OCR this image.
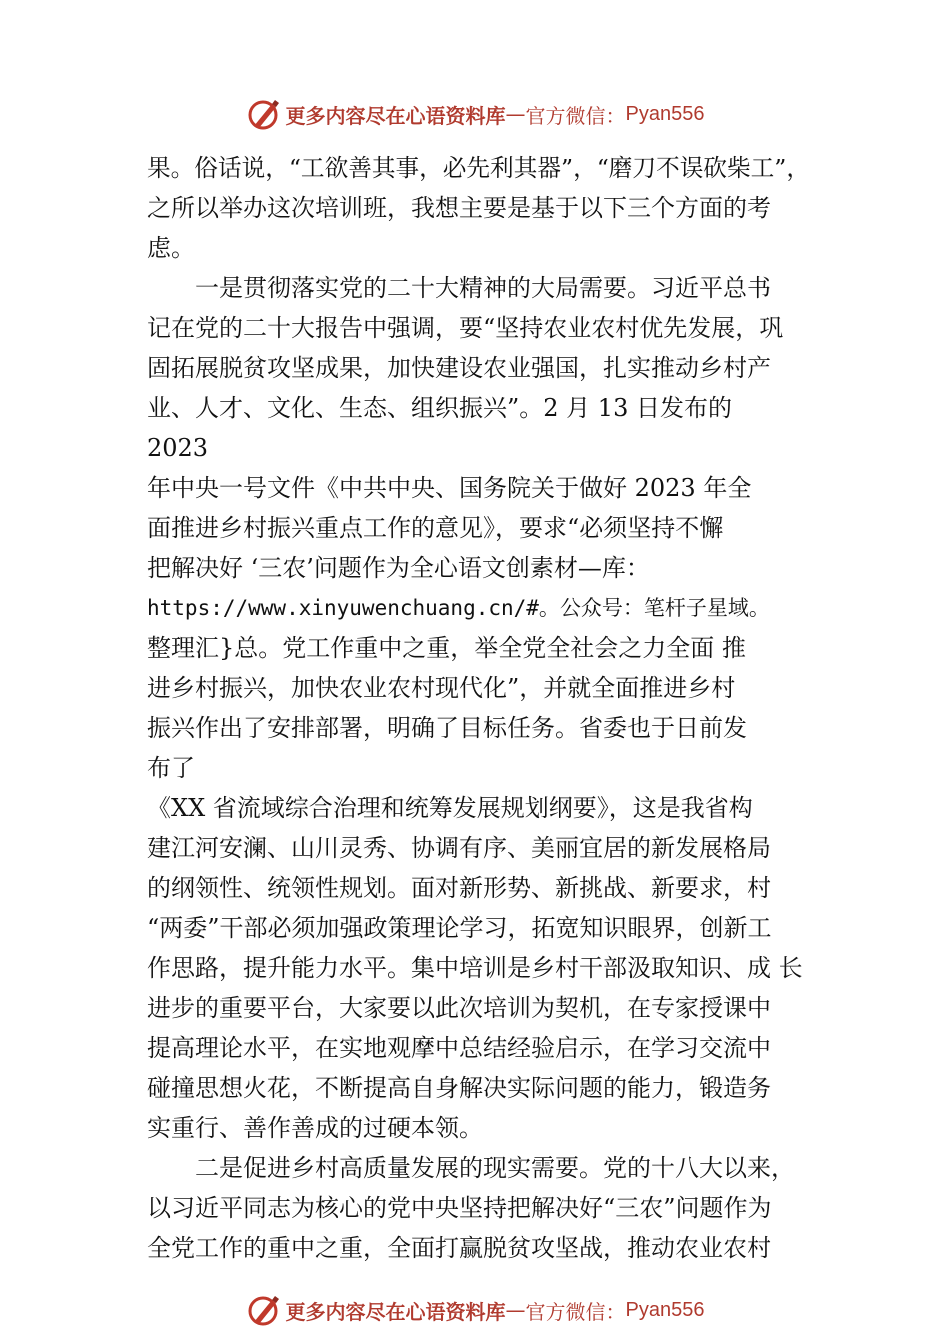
更多内容尽在心语资料库 — 官方微信： Pyan556
果。俗话说，“工欲善其事，必先利其器”，“磨刀不误砍柴工”，
之所以举办这次培训班，我想主要是基于以下三个方面的考
虑。
　　一是贯彻落实党的二十大精神的大局需要。习近平总书
记在党的二十大报告中强调，要“坚持农业农村优先发展，巩
固拓展脱贫攻坚成果，加快建设农业强国，扎实推动乡村产
业、人才、文化、生态、组织振兴”。2 月 13 日发布的
2023
年中央一号文件《中共中央、国务院关于做好 2023 年全
面推进乡村振兴重点工作的意见》，要求“必须坚持不懈
把解决好 ‘三农’问题作为全心语文创素材—库：
https://www.xinyuwenchuang.cn/#。公众号：笔杆子星域。
整理汇}总。党工作重中之重，举全党全社会之力全面 推
进乡村振兴，加快农业农村现代化”，并就全面推进乡村
振兴作出了安排部署，明确了目标任务。省委也于日前发
布了
《XX 省流域综合治理和统筹发展规划纲要》，这是我省构
建江河安澜、山川灵秀、协调有序、美丽宜居的新发展格局
的纲领性、统领性规划。面对新形势、新挑战、新要求，村
“两委”干部必须加强政策理论学习，拓宽知识眼界，创新工
作思路，提升能力水平。集中培训是乡村干部汲取知识、成 长
进步的重要平台，大家要以此次培训为契机，在专家授课中
提高理论水平，在实地观摩中总结经验启示，在学习交流中
碰撞思想火花，不断提高自身解决实际问题的能力，锻造务
实重行、善作善成的过硬本领。
　　二是促进乡村高质量发展的现实需要。党的十八大以来，
以习近平同志为核心的党中央坚持把解决好“三农”问题作为
全党工作的重中之重，全面打赢脱贫攻坚战，推动农业农村
更多内容尽在心语资料库 — 官方微信： Pyan556
